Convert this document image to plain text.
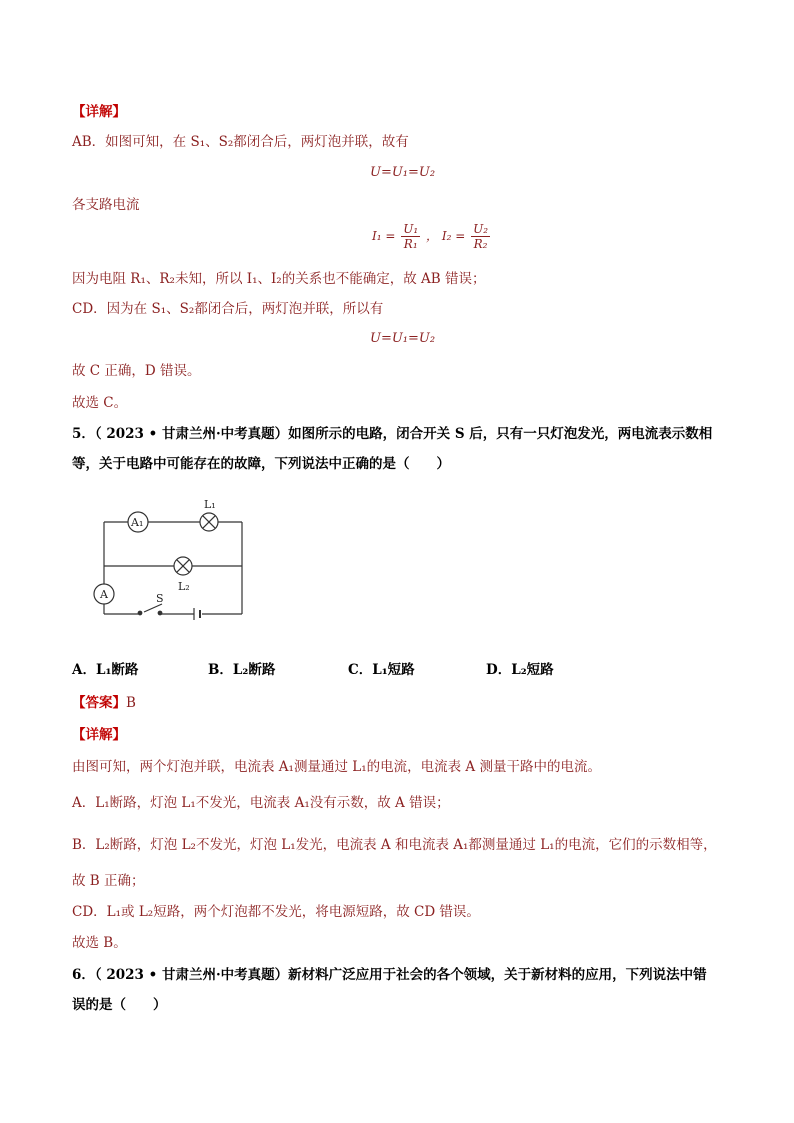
【详解】
AB．如图可知，在 S₁、S₂都闭合后，两灯泡并联，故有
U=U₁=U₂
各支路电流
$I_1 = \frac{\text{U₁}}{\text{R₁}}$ ， $I_2 = \frac{\text{U₂}}{\text{R₂}}$
因为电阻 R₁、R₂未知，所以 I₁、I₂的关系也不能确定，故 AB 错误；
CD．因为在 S₁、S₂都闭合后，两灯泡并联，所以有
U=U₁=U₂
故 C 正确，D 错误。
故选 C。
5．（ 2023 • 甘肃兰州·中考真题）如图所示的电路，闭合开关 S 后，只有一只灯泡发光，两电流表示数相
等，关于电路中可能存在的故障，下列说法中正确的是（　　）
A₁
L₁
L₂
A	S
A．L₁断路	B．L₂断路	C．L₁短路	D．L₂短路
【答案】B
【详解】
由图可知，两个灯泡并联，电流表 A₁测量通过 L₁的电流，电流表 A 测量干路中的电流。
A．L₁断路，灯泡 L₁不发光，电流表 A₁没有示数，故 A 错误；
B．L₂断路，灯泡 L₂不发光，灯泡 L₁发光，电流表 A 和电流表 A₁都测量通过 L₁的电流，它们的示数相等，
故 B 正确；
CD．L₁或 L₂短路，两个灯泡都不发光，将电源短路，故 CD 错误。
故选 B。
6．（ 2023 • 甘肃兰州·中考真题）新材料广泛应用于社会的各个领域，关于新材料的应用，下列说法中错
误的是（　　）
